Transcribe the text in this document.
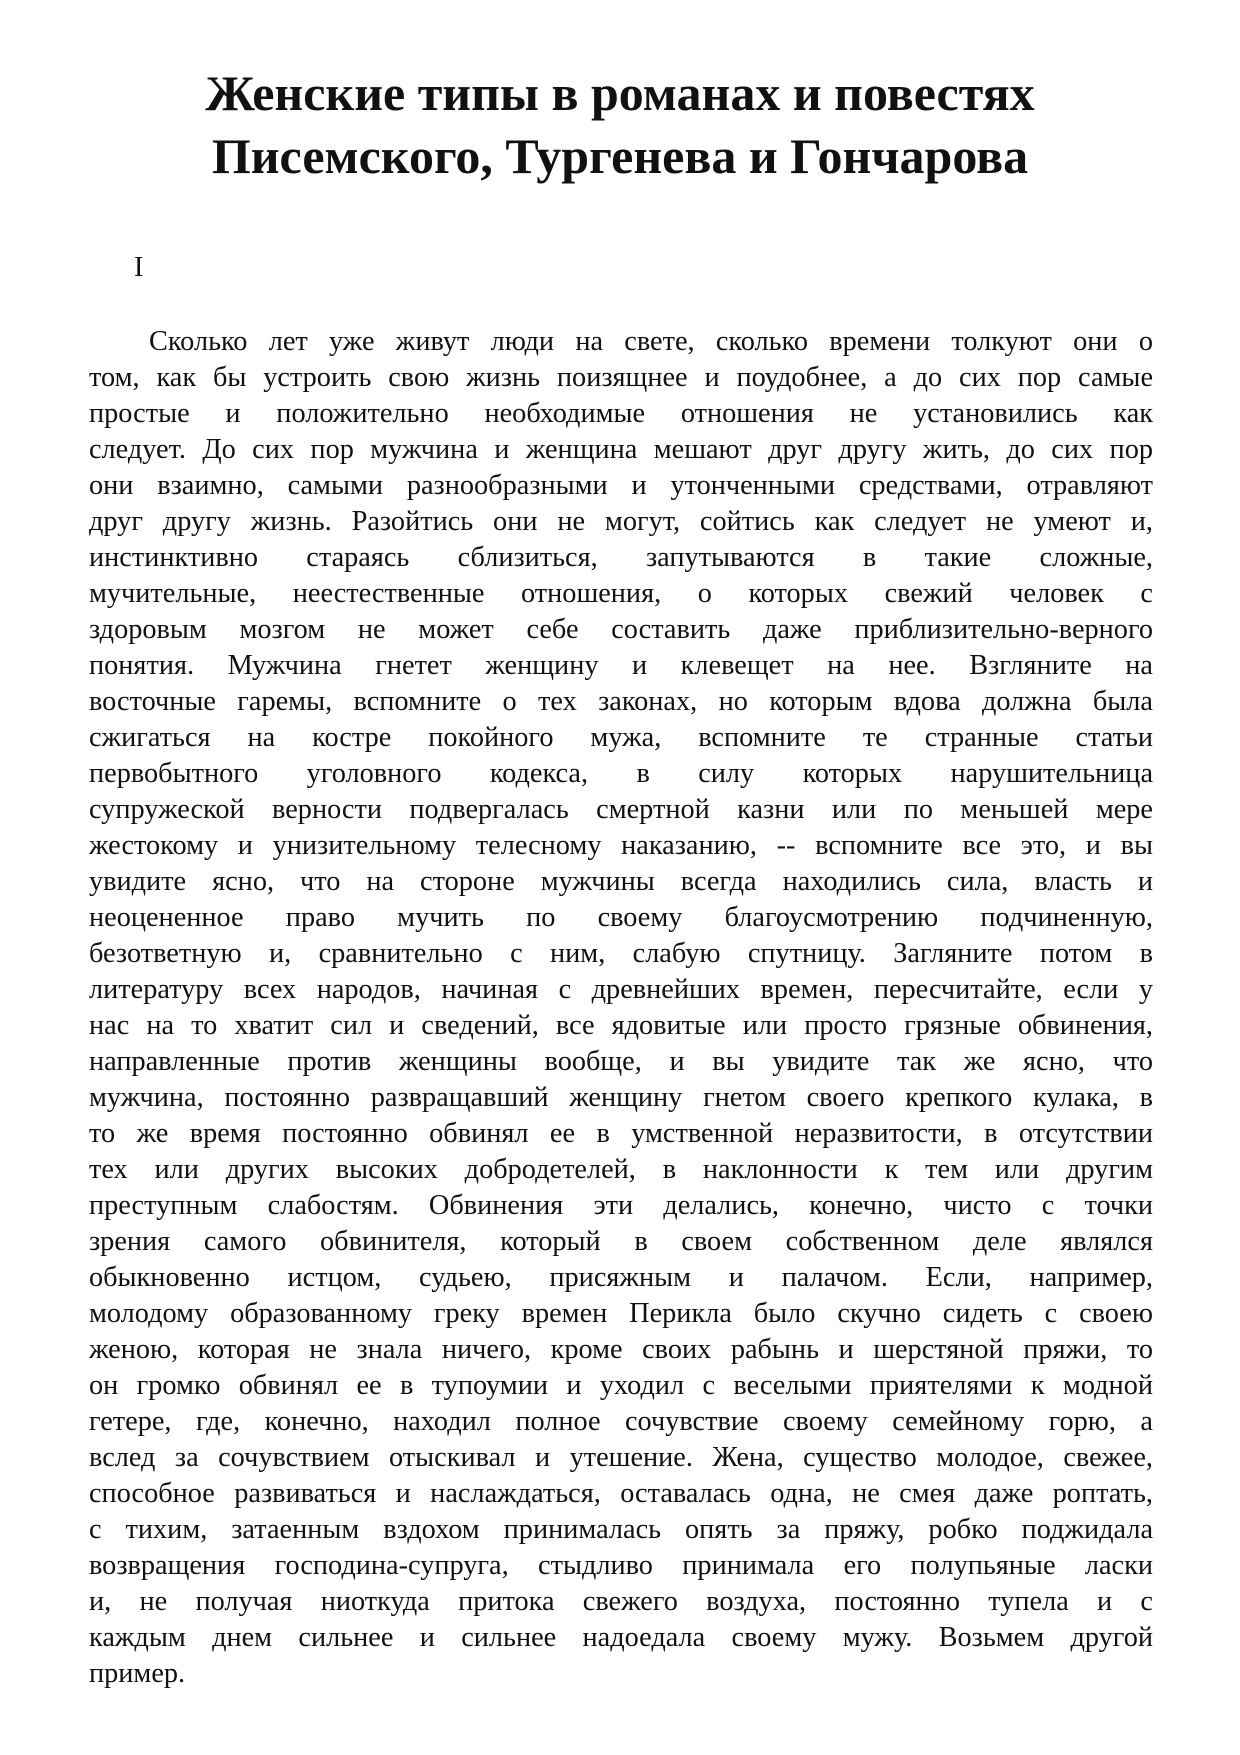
Женские типы в романах и повестях
Писемского, Тургенева и Гончарова
I
Сколько лет уже живут люди на свете, сколько времени толкуют они о
том, как бы устроить свою жизнь поизящнее и поудобнее, а до сих пор самые
простые и положительно необходимые отношения не установились как
следует. До сих пор мужчина и женщина мешают друг другу жить, до сих пор
они взаимно, самыми разнообразными и утонченными средствами, отравляют
друг другу жизнь. Разойтись они не могут, сойтись как следует не умеют и,
инстинктивно стараясь сблизиться, запутываются в такие сложные,
мучительные, неестественные отношения, о которых свежий человек с
здоровым мозгом не может себе составить даже приблизительно-верного
понятия. Мужчина гнетет женщину и клевещет на нее. Взгляните на
восточные гаремы, вспомните о тех законах, но которым вдова должна была
сжигаться на костре покойного мужа, вспомните те странные статьи
первобытного уголовного кодекса, в силу которых нарушительница
супружеской верности подвергалась смертной казни или по меньшей мере
жестокому и унизительному телесному наказанию, -- вспомните все это, и вы
увидите ясно, что на стороне мужчины всегда находились сила, власть и
неоцененное право мучить по своему благоусмотрению подчиненную,
безответную и, сравнительно с ним, слабую спутницу. Загляните потом в
литературу всех народов, начиная с древнейших времен, пересчитайте, если у
нас на то хватит сил и сведений, все ядовитые или просто грязные обвинения,
направленные против женщины вообще, и вы увидите так же ясно, что
мужчина, постоянно развращавший женщину гнетом своего крепкого кулака, в
то же время постоянно обвинял ее в умственной неразвитости, в отсутствии
тех или других высоких добродетелей, в наклонности к тем или другим
преступным слабостям. Обвинения эти делались, конечно, чисто с точки
зрения самого обвинителя, который в своем собственном деле являлся
обыкновенно истцом, судьею, присяжным и палачом. Если, например,
молодому образованному греку времен Перикла было скучно сидеть с своею
женою, которая не знала ничего, кроме своих рабынь и шерстяной пряжи, то
он громко обвинял ее в тупоумии и уходил с веселыми приятелями к модной
гетере, где, конечно, находил полное сочувствие своему семейному горю, а
вслед за сочувствием отыскивал и утешение. Жена, существо молодое, свежее,
способное развиваться и наслаждаться, оставалась одна, не смея даже роптать,
с тихим, затаенным вздохом принималась опять за пряжу, робко поджидала
возвращения господина-супруга, стыдливо принимала его полупьяные ласки
и, не получая ниоткуда притока свежего воздуха, постоянно тупела и с
каждым днем сильнее и сильнее надоедала своему мужу. Возьмем другой
пример.
